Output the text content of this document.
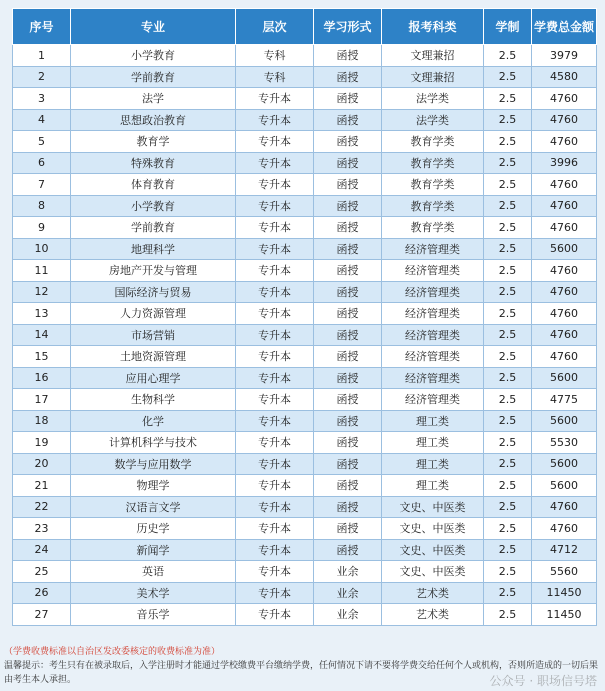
序号	专业	层次	学习形式	报考科类	学制	学费总金额
1	小学教育	专科	函授	文理兼招	2.5	3979
2	学前教育	专科	函授	文理兼招	2.5	4580
3	法学	专升本	函授	法学类	2.5	4760
4	思想政治教育	专升本	函授	法学类	2.5	4760
5	教育学	专升本	函授	教育学类	2.5	4760
6	特殊教育	专升本	函授	教育学类	2.5	3996
7	体育教育	专升本	函授	教育学类	2.5	4760
8	小学教育	专升本	函授	教育学类	2.5	4760
9	学前教育	专升本	函授	教育学类	2.5	4760
10	地理科学	专升本	函授	经济管理类	2.5	5600
11	房地产开发与管理	专升本	函授	经济管理类	2.5	4760
12	国际经济与贸易	专升本	函授	经济管理类	2.5	4760
13	人力资源管理	专升本	函授	经济管理类	2.5	4760
14	市场营销	专升本	函授	经济管理类	2.5	4760
15	土地资源管理	专升本	函授	经济管理类	2.5	4760
16	应用心理学	专升本	函授	经济管理类	2.5	5600
17	生物科学	专升本	函授	经济管理类	2.5	4775
18	化学	专升本	函授	理工类	2.5	5600
19	计算机科学与技术	专升本	函授	理工类	2.5	5530
20	数学与应用数学	专升本	函授	理工类	2.5	5600
21	物理学	专升本	函授	理工类	2.5	5600
22	汉语言文学	专升本	函授	文史、中医类	2.5	4760
23	历史学	专升本	函授	文史、中医类	2.5	4760
24	新闻学	专升本	函授	文史、中医类	2.5	4712
25	英语	专升本	业余	文史、中医类	2.5	5560
26	美术学	专升本	业余	艺术类	2.5	11450
27	音乐学	专升本	业余	艺术类	2.5	11450
（学费收费标准以自治区发改委核定的收费标准为准）
温馨提示：考生只有在被录取后，入学注册时才能通过学校缴费平台缴纳学费，任何情况下请不要将学费交给任何个人或机构，否则所造成的一切后果由考生本人承担。	公众号 · 职场信号塔
